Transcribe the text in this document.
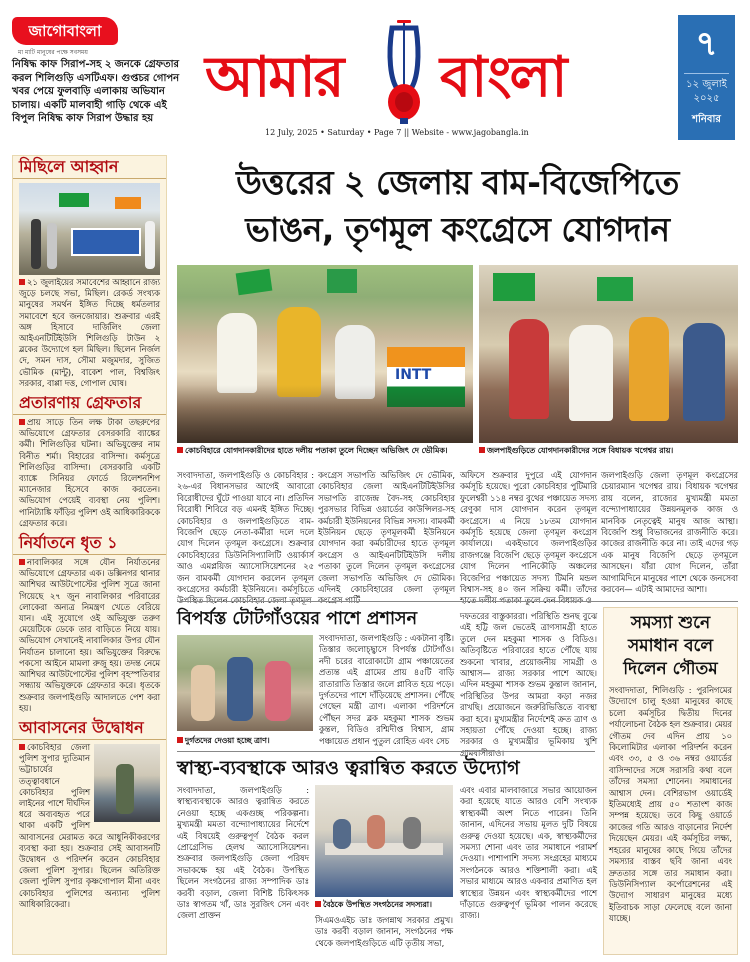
জাগোবাংলা
মা মাটি মানুষের পক্ষে সবসময়
নিষিদ্ধ কাফ সিরাপ-সহ ২ জনকে গ্রেফতার করল শিলিগুড়ি এসটিএফ। গুপ্তচর গোপন খবর পেয়ে ফুলবাড়ি এলাকায় অভিযান চালায়। একটি মালবাহী গাড়ি থেকে এই বিপুল নিষিদ্ধ কাফ সিরাপ উদ্ধার হয়
আমার বাংলা
12 July, 2025 • Saturday • Page 7 || Website - www.jagobangla.in
৭
১২ জুলাই
২০২৫
শনিবার
মিছিলে আহ্বান

২১ জুলাইয়ের সমাবেশের আহ্বানে রাজ্য জুড়ে চলছে সভা, মিছিল। রেকর্ড সংখ্যক মানুষের সমর্থন ইঙ্গিত দিচ্ছে ধর্মতলার সমাবেশে হবে জনজোয়ার। শুক্রবার এরই অঙ্গ হিসাবে দার্জিলিং জেলা আইএনটিটিইউসি শিলিগুড়ি টাউন ২ ব্লকের উদ্যোগে হল মিছিল। ছিলেন নির্জল দে, সমন দাস, সৌমা মজুমদার, সুজিত ভৌমিক (মান্টু), বাকেশ পাল, বিশ্বজিৎ সরকার, বাপ্পা দত্ত, গোপাল ঘোষ।

প্রতারণায় গ্রেফতার

প্রায় সাড়ে তিন লক্ষ টাকা তছরুপের অভিযোগে গ্রেফতার বেসরকারি ব্যাঙ্কের কর্মী। শিলিগুড়ির ঘটনা। অভিযুক্তের নাম বিনীত শর্মা। বিহারের বাসিন্দা। কর্মসূত্রে শিলিগুড়ির বাসিন্দা। বেসরকারি একটি ব্যাঙ্কে সিনিয়র ফোর্ডে রিলেশনশিপ ম্যানেজার হিসেবে কাজ করতেন। অভিযোগ পেয়েই ব্যবস্থা নেয় পুলিশ। পানিট্যাঙ্কি ফাঁড়ির পুলিশ ওই আধিকারিককে গ্রেফতার করে।

নির্যাতনে ধৃত ১

নাবালিকার সঙ্গে যৌন নির্যাতনের অভিযোগে গ্রেফতার এক। ডক্সিনগর থানার আশিঘর আউটপোস্টের পুলিশ সূত্রে জানা গিয়েছে ২৭ জুন নাবালিকার পরিবারের লোকেরা অন্যত্র নিমন্ত্রণ খেতে বেরিয়ে যান। এই সুযোগে ওই অভিযুক্ত তরুণ মেয়েটিকে ডেকে তার বাড়িতে নিয়ে যায়। অভিযোগ সেখানেই নাবালিকার উপর যৌন নির্যাতন চালানো হয়। অভিযুক্তের বিরুদ্ধে পকসো আইনে মামলা রুজু হয়। তদন্ত নেমে আশিঘর আউটপোস্টের পুলিশ বৃহস্পতিবার সন্ধ্যায় অভিযুক্তকে গ্রেফতার করে। ধৃতকে শুক্রবার জলপাইগুড়ি আদালতে পেশ করা হয়।

আবাসনের উদ্বোধন

কোচবিহার জেলা পুলিশ সুপার দ্যুতিমান ভট্টাচার্যের তত্ত্বাবধানে কোচবিহার পুলিশ লাইনের পাশে দীর্ঘদিন ধরে অব্যবহৃত পরে থাকা একটি পুলিশ আবাসনের মেরামত করে আধুনিকীকরণের ব্যবস্থা করা হয়। শুক্রবার সেই আবাসনটি উদ্বোধন ও পরিদর্শন করেন কোচবিহার জেলা পুলিশ সুপার। ছিলেন অতিরিক্ত জেলা পুলিশ সুপার কৃষ্ণগোপাল মীনা এবং কোচবিহার পুলিশের অন্যান্য পুলিশ আধিকারিকেরা।

উত্তরের ২ জেলায় বাম-বিজেপিতে
ভাঙন, তৃণমূল কংগ্রেসে যোগদান
INTT
কোচবিহারে যোগদানকারীদের হাতে দলীয় পতাকা তুলে দিচ্ছেন অভিজিৎ দে ভৌমিক।	জলপাইগুড়িতে যোগদানকারীদের সঙ্গে বিধায়ক খগেশ্বর রায়।
সংবাদদাতা, জলপাইগুড়ি ও কোচবিহার : ২৬-এর বিধানসভার আগেই আবারো বিরোধীদের ঘুঁটে পাওয়া যাবে না। প্রতিদিন বিরোধী শিবিরে বড় এমনই ইঙ্গিত দিচ্ছে। কোচবিহার ও জলপাইগুড়িতে বাম-বিজেপি ছেড়ে নেতা-কর্মীরা দলে দলে যোগ দিলেন তৃণমূল কংগ্রেসে। শুক্রবার কোচবিহারের ডিউনিসিপ্যালিটি ওয়ার্কার্স আও এমপ্লয়িজ অ্যাসোসিয়েশনের ২৫ জন বামকর্মী যোগদান করলেন তৃণমূল কংগ্রেসের কর্মচারী ইউনিয়নে। কর্মসূচিতে উপস্থিত ছিলেন কোচবিহার জেলা তৃণমূল
কংগ্রেস সভাপতি অভিজিৎ দে ভৌমিক, কোচবিহার জেলা আইএনটিটিইউসির সভাপতি রাজেন্দ্র বৈদ-সহ কোচবিহার পুরসভার বিভিন্ন ওয়ার্ডের কাউন্সিলর-সহ কর্মচারী ইউনিয়নের বিভিন্ন সদস্য। বামকর্মী ইউনিয়ন ছেড়ে তৃণমূলকর্মী ইউনিয়নে যোগদান করা কর্মচারীদের হাতে তৃণমূল কংগ্রেস ও আইএনটিটিইউসি দলীয় পতাকা তুলে দিলেন তৃণমূল কংগ্রেসের জেলা সভাপতি অভিজিৎ দে ভৌমিক। এদিনই কোচবিহারের জেলা তৃণমূল কংগ্রেস পার্টি
অফিসে শুক্রবার দুপুরে এই যোগদান কর্মসূচি হয়েছে। পুরো কোচবিহার পুটিমারি ফুলেশ্বরী ১১৪ নম্বর বুথের পঞ্চায়েত সদস্য রেণুকা দাস যোগদান করেন তৃণমূল কংগ্রেসে। এ নিয়ে ১৮তম যোগদান কর্মসূচি হয়েছে জেলা তৃণমূল কংগ্রেস কার্যালয়ে। একইভাবে জলপাইগুড়ির রাজগঞ্জে বিজেপি ছেড়ে তৃণমূল কংগ্রেসে যোগ দিলেন পানিকৌড়ি অঞ্চলের বিজেপির পঞ্চায়েত সদস্য টিমনি মন্ডল বিশ্বাস-সহ ৪০ জন সক্রিয় কর্মী। তাঁদের হাতে দলীয় পতাকা তুলে দেন বিধায়ক ও
জলপাইগুড়ি জেলা তৃণমূল কংগ্রেসের চেয়ারম্যান খগেশ্বর রায়। বিধায়ক খগেশ্বর রায় বলেন, রাজ্যের মুখ্যমন্ত্রী মমতা বন্দ্যোপাধ্যায়ের উন্নয়নমূলক কাজ ও মানবিক নেতৃত্বেই মানুষ আজ আস্থা। বিজেপি শুধু বিভাজনের রাজনীতি করে। কাজের রাজনীতি করে না। তাই এদের গড় এক মানুষ বিজেপি ছেড়ে তৃণমূলে আসছেন। যাঁরা যোগ দিলেন, তাঁরা আগামিদিনে মানুষের পাশে থেকে জনসেবা করবেন— এটাই আমাদের আশা।
বিপর্যস্ত টোটগাঁওয়ের পাশে প্রশাসন
সংবাদদাতা, জলপাইগুড়ি : একটানা বৃষ্টি। তিস্তার জলোচ্ছ্বাসে বিপর্যস্ত টোটগাঁও। নদী চরের বারোকাটো গ্রাম পঞ্চায়েতের প্রত্যন্ত এই গ্রামের প্রায় ৪৫টি বাড়ি রাতারাতি তিস্তার জলে প্লাবিত হয়ে পড়ে। দুর্গতদের পাশে দাঁড়িয়েছে প্রশাসন। পৌঁছে গেছেন মন্ত্রী ত্রাণ। এলাকা পরিদর্শনে পৌঁছন সদর ব্লক মহকুমা শাসক শুভম কুন্তল, বিডিও রশ্মিদীপ্ত বিশ্বাস, গ্রাম পঞ্চায়েত প্রধান পুতুল রোহিত এবং সেচ
দুর্গতদের দেওয়া হচ্ছে ত্রাণ।
দফতরের বাস্তুকাররা। পরিস্থিতি শুনছ বুঝে এই হট্টি জল ভেতেই ত্রাণসামগ্রী হাতে তুলে দেন মহকুমা শাসক ও বিডিও। অতিবৃষ্টিতে পরিবারের হাতে পৌঁছে যায় শুকনো খাবার, প্রয়োজনীয় সামগ্রী ও আশ্বাস— রাজ্য সরকার পাশে আছে। এদিন মহকুমা শাসক শুভম কুন্তাল জানান, পরিস্থিতির উপর আমরা কড়া নজর রাখছি। প্রয়োজনে জরুরিভিত্তিতে ব্যবস্থা করা হবে। মুখ্যমন্ত্রীর নির্দেশেই ক্রত ত্রাণ ও সহায়তা পৌঁছে দেওয়া হচ্ছে। রাজ্য সরকার ও মুখ্যমন্ত্রীর ভূমিকায় খুশি গ্রামবাসীরাও।
স্বাস্থ্য-ব্যবস্থাকে আরও ত্বরান্বিত করতে উদ্যোগ
সংবাদদাতা, জলপাইগুড়ি : স্বাস্থ্যব্যবস্থাকে আরও ত্বরান্বিত করতে নেওয়া হচ্ছে একগুচ্ছ পরিকল্পনা। মুখ্যমন্ত্রী মমতা বন্দ্যোপাধ্যায়ের নির্দেশে এই বিষয়েই গুরুত্বপূর্ণ বৈঠক করল প্রোগ্রেসিভ হেলথ অ্যাসোসিয়েশন। শুক্রবার জলপাইগুড়ি জেলা পরিষদ সভাকক্ষে হয় এই বৈঠক। উপস্থিত ছিলেন সংগঠনের রাজ্য সম্পাদিক ডাঃ করবী বড়াল, জেলা বিশিষ্ট চিকিৎসক ডাঃ স্বাগতম খাঁ, ডাঃ সুরজিৎ সেন এবং জেলা প্রাক্তন
বৈঠকে উপস্থিত সংগঠনের সদস্যরা।
সিএমওএইচ ডাঃ জগন্নাথ সরকার প্রমুখ। ডাঃ করবী বড়াল জানান, সংগঠনের পক্ষ থেকে জলপাইগুড়িতে এটি তৃতীয় সভা,
এবং এবার মালবাজারে সভার আয়োজন করা হয়েছে যাতে আরও বেশি সংখ্যক স্বাস্থ্যকর্মী অংশ নিতে পারেন। তিনি জানান, এদিনের সভায় মূলত দুটি বিষয়ে গুরুত্ব দেওয়া হয়েছে। এক, স্বাস্থ্যকর্মীদের সমস্যা শোনা এবং তার সমাধানে পরামর্শ দেওয়া। পাশাপাশি সদস্য সংগ্রহের মাধ্যমে সংগঠনকে আরও শক্তিশালী করা। এই সভার মাধ্যমে আরও একবার প্রমাণিত হল স্বাস্থ্যের উন্নয়ন এবং স্বাস্থ্যকর্মীদের পাশে দাঁড়াতে গুরুত্বপূর্ণ ভূমিকা পালন করেছে রাজ্য।
সমস্যা শুনে সমাধান বলে দিলেন গৌতম
সংবাদদাতা, শিলিগুড়ি : পুরনিগমের উদ্যোগে চালু হওয়া মানুষের কাছে চলো কর্মসূচির দ্বিতীয় দিনের পর্যালোচনা বৈঠক হল শুক্রবার। মেয়র গৌতম দেব এদিন প্রায় ১০ কিলোমিটার এলাকা পরিদর্শন করেন এবং ৩৩, ৫ ও ৩৬ নম্বর ওয়ার্ডের বাসিন্দাদের সঙ্গে সরাসরি কথা বলে তাঁদের সমস্যা শোনেন। সমাধানের আশ্বাস দেন। বেশিরভাগ ওয়ার্ডেই ইতিমধ্যেই প্রায় ৫০ শতাংশ কাজ সম্পন্ন হয়েছে। তবে কিছু ওয়ার্ডে কাজের গতি আরও বাড়ানোর নির্দেশ দিয়েছেন মেয়র। এই কর্মসূচির লক্ষ্য, শহরের মানুষের কাছে গিয়ে তাঁদের সমস্যার বাস্তব ছবি জানা এবং দ্রুততার সঙ্গে তার সমাধান করা। ডিউনিসিপ্যাল কর্পোরেশনের এই উদ্যোগ সাধারণ মানুষের মধ্যে ইতিবাচক সাড়া ফেলেছে বলে জানা যাচ্ছে।
